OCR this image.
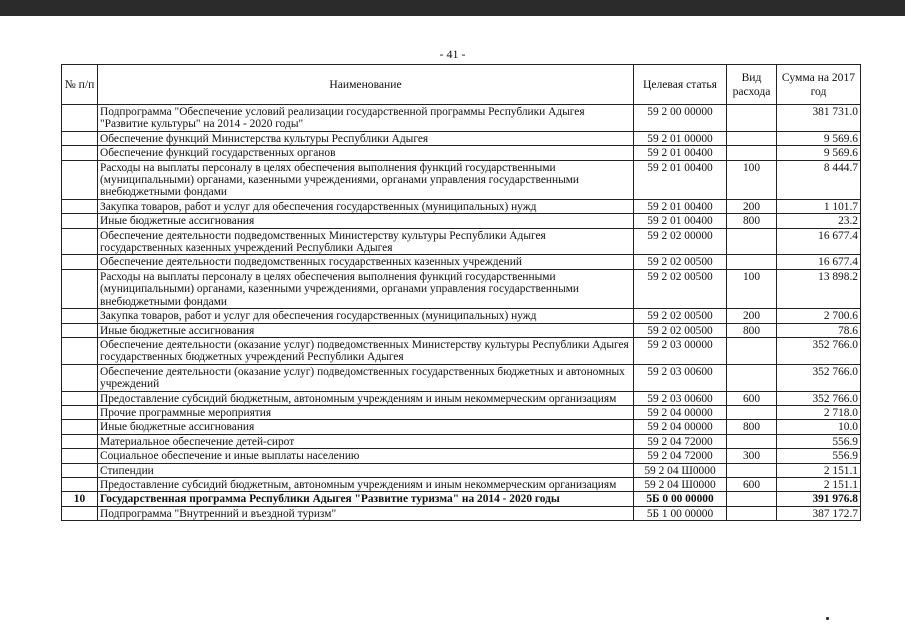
- 41 -
№ п/п	Наименование	Целевая статья	Вид расхода	Сумма на 2017 год
	Подпрограмма "Обеспечение условий реализации государственной программы Республики Адыгея "Развитие культуры" на 2014 - 2020 годы"	59 2 00 00000		381 731.0
	Обеспечение функций Министерства культуры Республики Адыгея	59 2 01 00000		9 569.6
	Обеспечение функций государственных органов	59 2 01 00400		9 569.6
	Расходы на выплаты персоналу в целях обеспечения выполнения функций государственными (муниципальными) органами, казенными учреждениями, органами управления государственными внебюджетными фондами	59 2 01 00400	100	8 444.7
	Закупка товаров, работ и услуг для обеспечения государственных (муниципальных) нужд	59 2 01 00400	200	1 101.7
	Иные бюджетные ассигнования	59 2 01 00400	800	23.2
	Обеспечение деятельности подведомственных Министерству культуры Республики Адыгея государственных казенных учреждений Республики Адыгея	59 2 02 00000		16 677.4
	Обеспечение деятельности подведомственных государственных казенных учреждений	59 2 02 00500		16 677.4
	Расходы на выплаты персоналу в целях обеспечения выполнения функций государственными (муниципальными) органами, казенными учреждениями, органами управления государственными внебюджетными фондами	59 2 02 00500	100	13 898.2
	Закупка товаров, работ и услуг для обеспечения государственных (муниципальных) нужд	59 2 02 00500	200	2 700.6
	Иные бюджетные ассигнования	59 2 02 00500	800	78.6
	Обеспечение деятельности (оказание услуг) подведомственных Министерству культуры Республики Адыгея государственных бюджетных учреждений Республики Адыгея	59 2 03 00000		352 766.0
	Обеспечение деятельности (оказание услуг) подведомственных государственных бюджетных и автономных учреждений	59 2 03 00600		352 766.0
	Предоставление субсидий бюджетным, автономным учреждениям и иным некоммерческим организациям	59 2 03 00600	600	352 766.0
	Прочие программные мероприятия	59 2 04 00000		2 718.0
	Иные бюджетные ассигнования	59 2 04 00000	800	10.0
	Материальное обеспечение детей-сирот	59 2 04 72000		556.9
	Социальное обеспечение и иные выплаты населению	59 2 04 72000	300	556.9
	Стипендии	59 2 04 Ш0000		2 151.1
	Предоставление субсидий бюджетным, автономным учреждениям и иным некоммерческим организациям	59 2 04 Ш0000	600	2 151.1
10	Государственная программа Республики Адыгея "Развитие туризма" на 2014 - 2020 годы	5Б 0 00 00000		391 976.8
	Подпрограмма "Внутренний и въездной туризм"	5Б 1 00 00000		387 172.7
